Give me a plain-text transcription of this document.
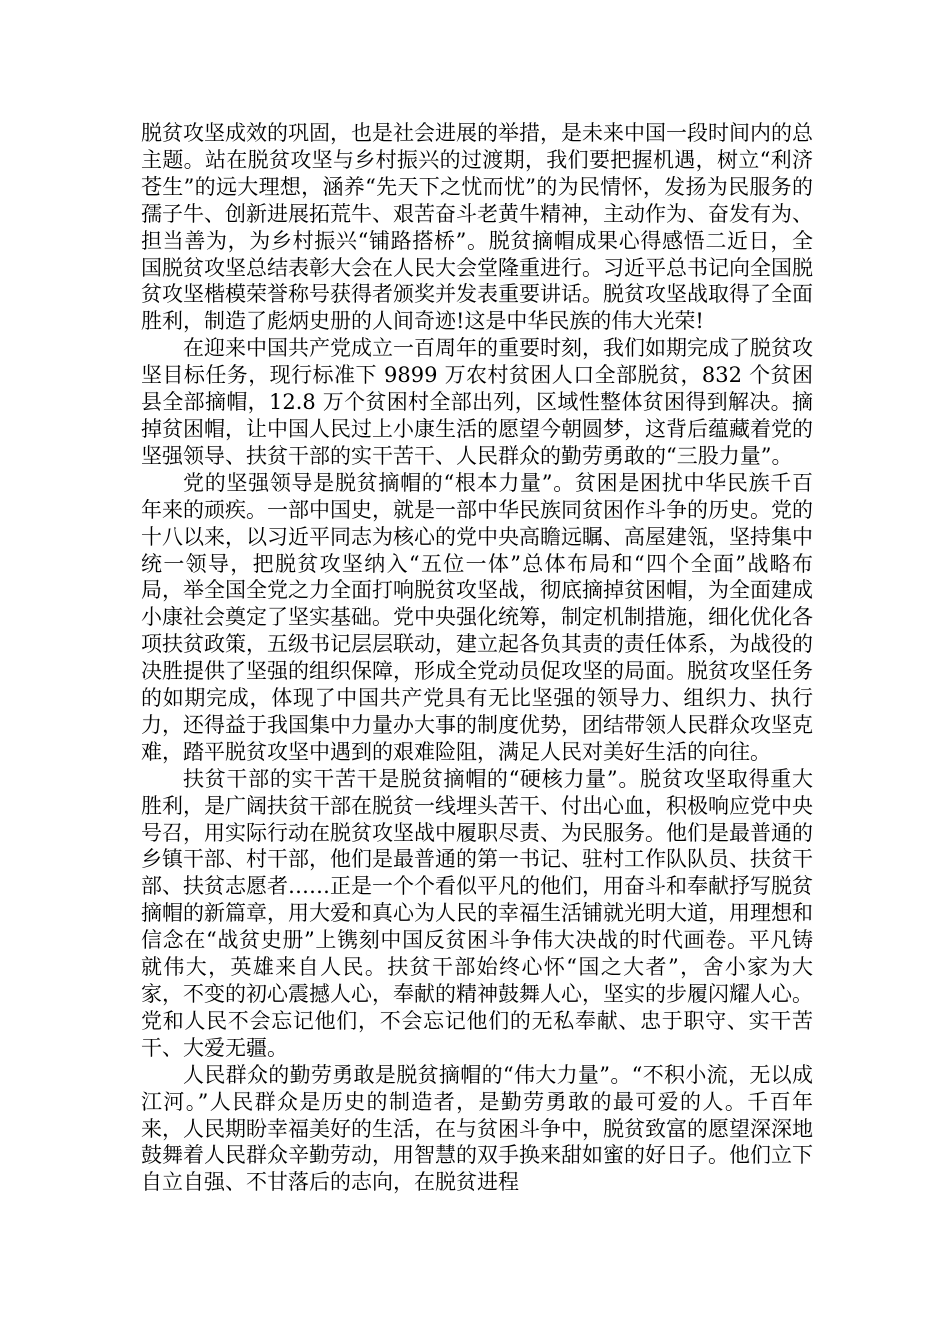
脱贫攻坚成效的巩固，也是社会进展的举措，是未来中国一段时间内的总主题。站在脱贫攻坚与乡村振兴的过渡期，我们要把握机遇，树立“利济苍生”的远大理想，涵养“先天下之忧而忧”的为民情怀，发扬为民服务的孺子牛、创新进展拓荒牛、艰苦奋斗老黄牛精神，主动作为、奋发有为、担当善为，为乡村振兴“铺路搭桥”。脱贫摘帽成果心得感悟二近日，全国脱贫攻坚总结表彰大会在人民大会堂隆重进行。习近平总书记向全国脱贫攻坚楷模荣誉称号获得者颁奖并发表重要讲话。脱贫攻坚战取得了全面胜利，制造了彪炳史册的人间奇迹!这是中华民族的伟大光荣!

在迎来中国共产党成立一百周年的重要时刻，我们如期完成了脱贫攻坚目标任务，现行标准下 9899 万农村贫困人口全部脱贫，832 个贫困县全部摘帽，12.8 万个贫困村全部出列，区域性整体贫困得到解决。摘掉贫困帽，让中国人民过上小康生活的愿望今朝圆梦，这背后蕴藏着党的坚强领导、扶贫干部的实干苦干、人民群众的勤劳勇敢的“三股力量”。

党的坚强领导是脱贫摘帽的“根本力量”。贫困是困扰中华民族千百年来的顽疾。一部中国史，就是一部中华民族同贫困作斗争的历史。党的十八以来，以习近平同志为核心的党中央高瞻远瞩、高屋建瓴，坚持集中统一领导，把脱贫攻坚纳入“五位一体”总体布局和“四个全面”战略布局，举全国全党之力全面打响脱贫攻坚战，彻底摘掉贫困帽，为全面建成小康社会奠定了坚实基础。党中央强化统筹，制定机制措施，细化优化各项扶贫政策，五级书记层层联动，建立起各负其责的责任体系，为战役的决胜提供了坚强的组织保障，形成全党动员促攻坚的局面。脱贫攻坚任务的如期完成，体现了中国共产党具有无比坚强的领导力、组织力、执行力，还得益于我国集中力量办大事的制度优势，团结带领人民群众攻坚克难，踏平脱贫攻坚中遇到的艰难险阻，满足人民对美好生活的向往。

扶贫干部的实干苦干是脱贫摘帽的“硬核力量”。脱贫攻坚取得重大胜利，是广阔扶贫干部在脱贫一线埋头苦干、付出心血，积极响应党中央号召，用实际行动在脱贫攻坚战中履职尽责、为民服务。他们是最普通的乡镇干部、村干部，他们是最普通的第一书记、驻村工作队队员、扶贫干部、扶贫志愿者……正是一个个看似平凡的他们，用奋斗和奉献抒写脱贫摘帽的新篇章，用大爱和真心为人民的幸福生活铺就光明大道，用理想和信念在“战贫史册”上镌刻中国反贫困斗争伟大决战的时代画卷。平凡铸就伟大，英雄来自人民。扶贫干部始终心怀“国之大者”，舍小家为大家，不变的初心震撼人心，奉献的精神鼓舞人心，坚实的步履闪耀人心。党和人民不会忘记他们，不会忘记他们的无私奉献、忠于职守、实干苦干、大爱无疆。

人民群众的勤劳勇敢是脱贫摘帽的“伟大力量”。“不积小流，无以成江河。”人民群众是历史的制造者，是勤劳勇敢的最可爱的人。千百年来，人民期盼幸福美好的生活，在与贫困斗争中，脱贫致富的愿望深深地鼓舞着人民群众辛勤劳动，用智慧的双手换来甜如蜜的好日子。他们立下自立自强、不甘落后的志向，在脱贫进程
